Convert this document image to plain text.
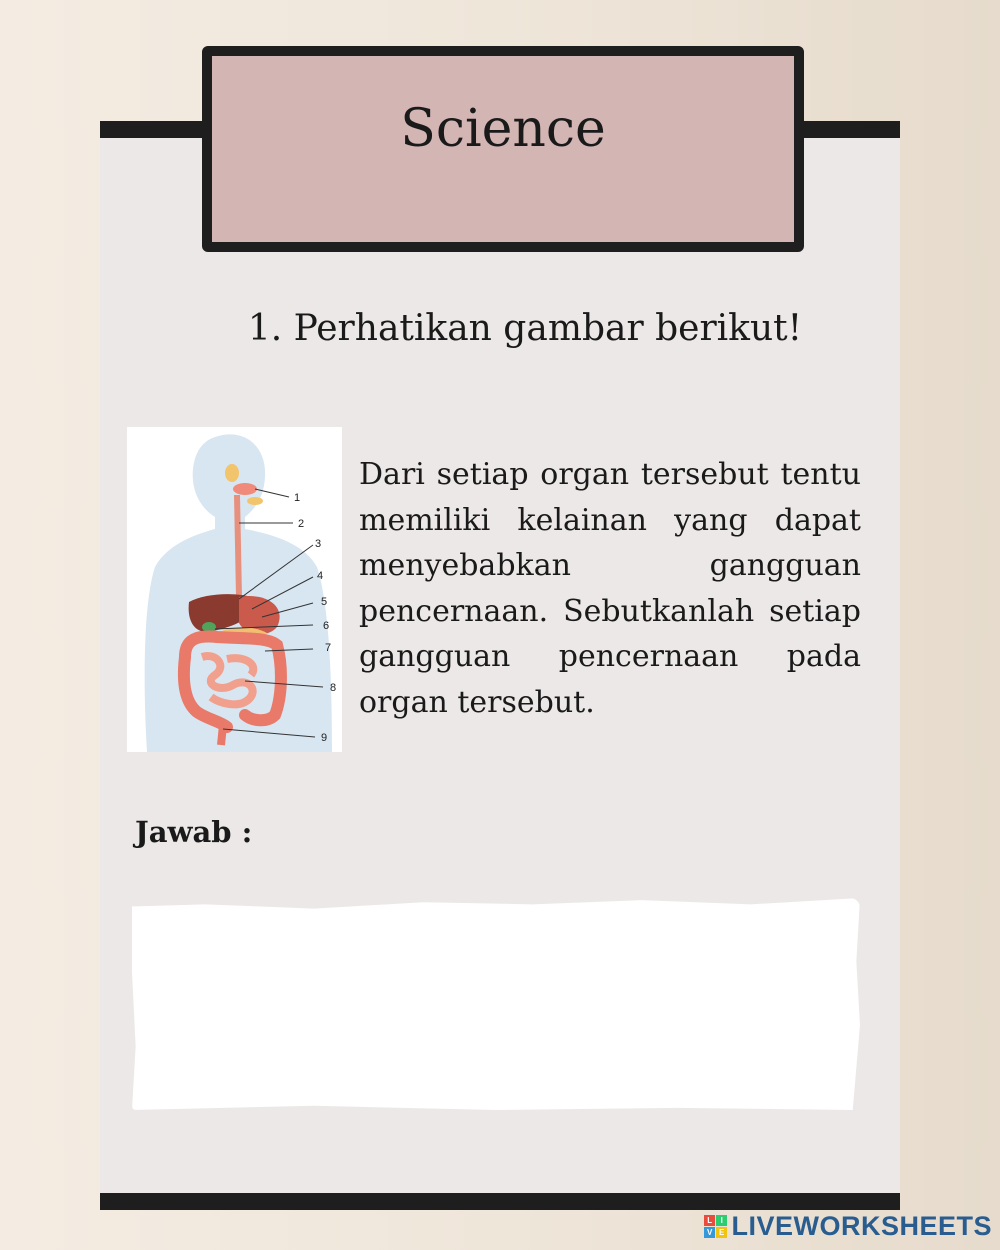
Science
1. Perhatikan gambar berikut!
1
2
3
4
5
6
7
8
9
Dari setiap organ tersebut tentu memiliki kelainan yang dapat menyebabkan gangguan pencernaan. Sebutkanlah setiap gangguan pencernaan pada organ tersebut.
Jawab :
L I
V E LIVEWORKSHEETS
